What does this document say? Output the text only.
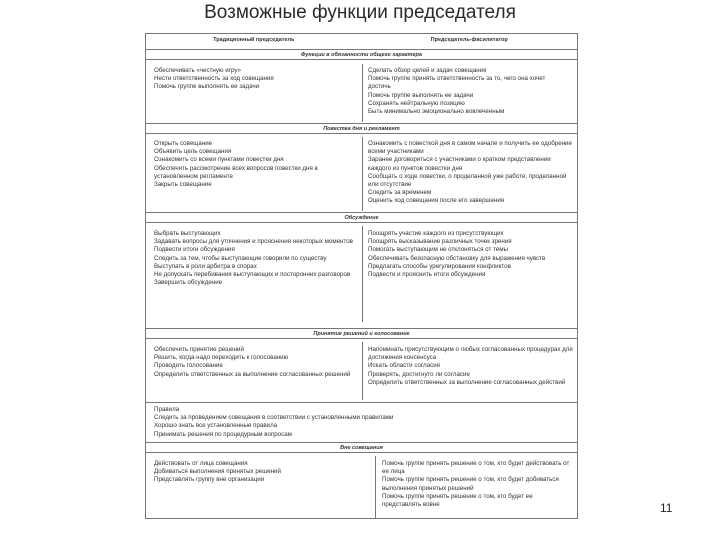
Возможные функции председателя
Традиционный председатель	Председатель-фасилитатор
Функции в обязанности общего характера
Обеспечивать «честную игру»
Нести ответственность за ход совещания
Помочь группе выполнять ее задачи
Сделать обзор целей и задач совещания
Помочь группе принять ответственность за то, чего она хочет достичь
Помочь группе выполнять ее задачи
Сохранять нейтральную позицию
Быть минимально эмоционально вовлеченным
Повестка дня и регламент
Открыть совещание
Объявить цель совещания
Ознакомить со всеми пунктами повестки дня
Обеспечить рассмотрение всех вопросов повестки дня в установленном регламенте
Закрыть совещание
Ознакомить с повесткой дня в самом начале и получить ее одобрение всеми участниками
Заранее договориться с участниками о кратком представлении каждого из пунктов повестки дня
Сообщать о ходе повестки, о проделанной уже работе, проделанной или отсутствие
Следить за временем
Оценить ход совещания после его завершения
Обсуждение
Выбрать выступающих
Задавать вопросы для уточнения и прояснения некоторых моментов
Подвести итоги обсуждения
Следить за тем, чтобы выступающие говорили по существу
Выступать в роли арбитра в спорах
Не допускать перебивания выступающих и посторонних разговоров
Завершить обсуждение
Поощрять участие каждого из присутствующих
Поощрять высказывание различных точек зрения
Помогать выступающим не отклоняться от темы
Обеспечивать безопасную обстановку для выражения чувств
Предлагать способы урегулирования конфликтов
Подвести и прояснить итоги обсуждения
Принятие решений и голосование
Обеспечить принятие решений
Решить, когда надо переходить к голосованию
Проводить голосование
Определить ответственных за выполнение согласованных решений
Напоминать присутствующим о любых согласованных процедурах для достижения консенсуса
Искать области согласия
Проверять, достигнуто ли согласие
Определить ответственных за выполнение согласованных действий
Правила
Следить за проведением совещания в соответствии с установленными правилами
Хорошо знать все установленные правила
Принимать решения по процедурным вопросам
Вне совещания
Действовать от лица совещания
Добиваться выполнения принятых решений
Представлять группу вне организации
Помочь группе принять решение о том, кто будет действовать от ее лица
Помочь группе принять решение о том, кто будет добиваться выполнения принятых решений
Помочь группе принять решение о том, кто будет ее представлять вовне	11
